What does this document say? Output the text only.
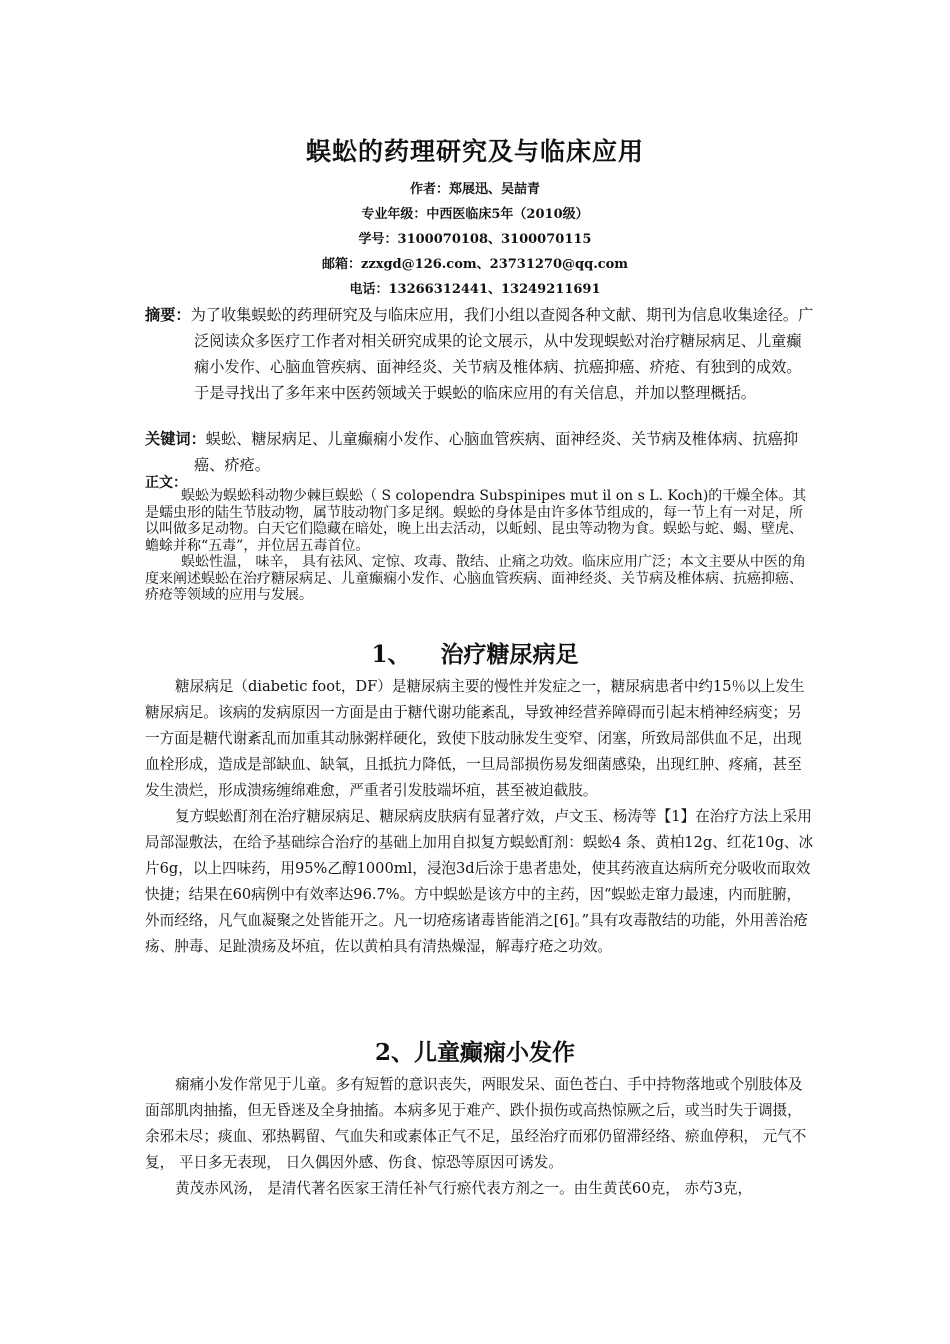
蜈蚣的药理研究及与临床应用
作者：郑展迅、吴喆青
专业年级：中西医临床5年（2010级）
学号：3100070108、3100070115
邮箱：zzxgd@126.com、23731270@qq.com
电话：13266312441、13249211691

摘要：为了收集蜈蚣的药理研究及与临床应用，我们小组以查阅各种文献、期刊为信息收集途径。广泛阅读众多医疗工作者对相关研究成果的论文展示，从中发现蜈蚣对治疗糖尿病足、儿童癫痫小发作、心脑血管疾病、面神经炎、关节病及椎体病、抗癌抑癌、疥疮、有独到的成效。于是寻找出了多年来中医药领域关于蜈蚣的临床应用的有关信息，并加以整理概括。

关键词：蜈蚣、糖尿病足、儿童癫痫小发作、心脑血管疾病、面神经炎、关节病及椎体病、抗癌抑癌、疥疮。

正文：

蜈蚣为蜈蚣科动物少棘巨蜈蚣（ S colopendra Subspinipes mut il on s L. Koch)的干燥全体。其是蠕虫形的陆生节肢动物，属节肢动物门多足纲。蜈蚣的身体是由许多体节组成的，每一节上有一对足，所以叫做多足动物。白天它们隐藏在暗处，晚上出去活动，以蚯蚓、昆虫等动物为食。蜈蚣与蛇、蝎、壁虎、蟾蜍并称“五毒”，并位居五毒首位。

蜈蚣性温， 味辛， 具有祛风、定惊、攻毒、散结、止痛之功效。临床应用广泛；本文主要从中医的角度来阐述蜈蚣在治疗糖尿病足、儿童癫痫小发作、心脑血管疾病、面神经炎、关节病及椎体病、抗癌抑癌、疥疮等领域的应用与发展。

1、 治疗糖尿病足

糖尿病足（diabetic foot，DF）是糖尿病主要的慢性并发症之一，糖尿病患者中约15％以上发生糖尿病足。该病的发病原因一方面是由于糖代谢功能紊乱，导致神经营养障碍而引起末梢神经病变；另一方面是糖代谢紊乱而加重其动脉粥样硬化，致使下肢动脉发生变窄、闭塞，所致局部供血不足，出现血栓形成，造成是部缺血、缺氧，且抵抗力降低，一旦局部损伤易发细菌感染，出现红肿、疼痛，甚至发生溃烂，形成溃疡缠绵难愈，严重者引发肢端坏疽，甚至被迫截肢。

复方蜈蚣酊剂在治疗糖尿病足、糖尿病皮肤病有显著疗效，卢文玉、杨涛等【1】在治疗方法上采用局部湿敷法，在给予基础综合治疗的基础上加用自拟复方蜈蚣酊剂：蜈蚣4 条、黄柏12g、红花10g、冰片6g，以上四味药，用95%乙醇1000ml，浸泡3d后涂于患者患处，使其药液直达病所充分吸收而取效快捷；结果在60病例中有效率达96.7%。方中蜈蚣是该方中的主药，因“蜈蚣走窜力最速，内而脏腑，外而经络，凡气血凝聚之处皆能开之。凡一切疮疡诸毒皆能消之[6]。”具有攻毒散结的功能，外用善治疮疡、肿毒、足趾溃疡及坏疽，佐以黄柏具有清热燥湿，解毒疗疮之功效。

2、儿童癫痫小发作

痫痛小发作常见于儿童。多有短暂的意识丧失，两眼发呆、面色苍白、手中持物落地或个别肢体及面部肌肉抽搐，但无昏迷及全身抽搐。本病多见于难产、跌仆损伤或高热惊厥之后，或当时失于调摄，余邪未尽；痰血、邪热羁留、气血失和或素体正气不足，虽经治疗而邪仍留滞经络、瘀血停积， 元气不复， 平日多无表现， 日久偶因外感、伤食、惊恐等原因可诱发。

黄茂赤风汤， 是清代著名医家王清任补气行瘀代表方剂之一。由生黄芪60克， 赤芍3克，
